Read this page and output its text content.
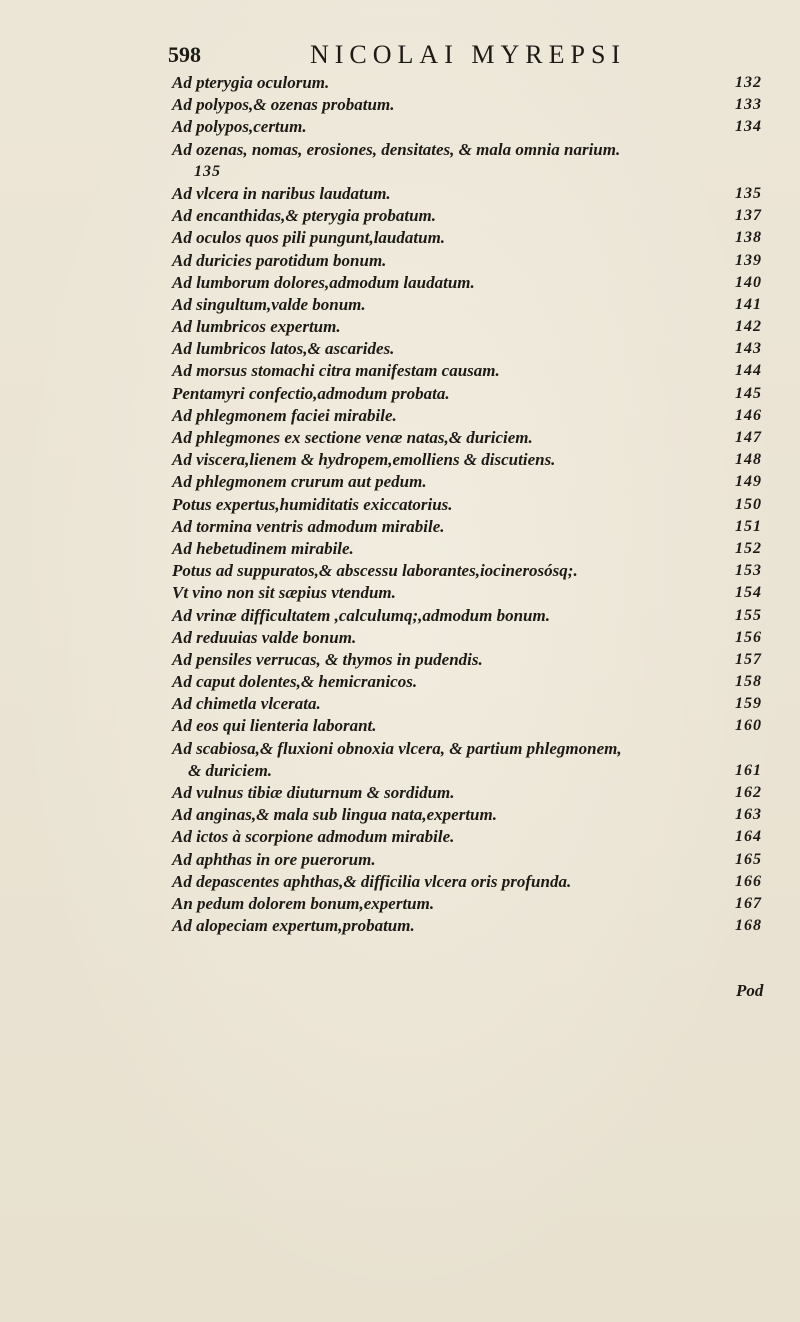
598	NICOLAI MYREPSI
Ad pterygia oculorum.	132
Ad polypos,& ozenas probatum.	133
Ad polypos,certum.	134
Ad ozenas, nomas, erosiones, densitates, & mala omnia narium.
135
Ad vlcera in naribus laudatum.	135
Ad encanthidas,& pterygia probatum.	137
Ad oculos quos pili pungunt,laudatum.	138
Ad duricies parotidum bonum.	139
Ad lumborum dolores,admodum laudatum.	140
Ad singultum,valde bonum.	141
Ad lumbricos expertum.	142
Ad lumbricos latos,& ascarides.	143
Ad morsus stomachi citra manifestam causam.	144
Pentamyri confectio,admodum probata.	145
Ad phlegmonem faciei mirabile.	146
Ad phlegmones ex sectione venæ natas,& duriciem.	147
Ad viscera,lienem & hydropem,emolliens & discutiens.	148
Ad phlegmonem crurum aut pedum.	149
Potus expertus,humiditatis exiccatorius.	150
Ad tormina ventris admodum mirabile.	151
Ad hebetudinem mirabile.	152
Potus ad suppuratos,& abscessu laborantes,iocinerosósq;.	153
Vt vino non sit sæpius vtendum.	154
Ad vrinæ difficultatem ,calculumq;,admodum bonum.	155
Ad reduuias valde bonum.	156
Ad pensiles verrucas, & thymos in pudendis.	157
Ad caput dolentes,& hemicranicos.	158
Ad chimetla vlcerata.	159
Ad eos qui lienteria laborant.	160
Ad scabiosa,& fluxioni obnoxia vlcera, & partium phlegmonem,
& duriciem.	161
Ad vulnus tibiæ diuturnum & sordidum.	162
Ad anginas,& mala sub lingua nata,expertum.	163
Ad ictos à scorpione admodum mirabile.	164
Ad aphthas in ore puerorum.	165
Ad depascentes aphthas,& difficilia vlcera oris profunda.	166
An pedum dolorem bonum,expertum.	167
Ad alopeciam expertum,probatum.	168
Pod
